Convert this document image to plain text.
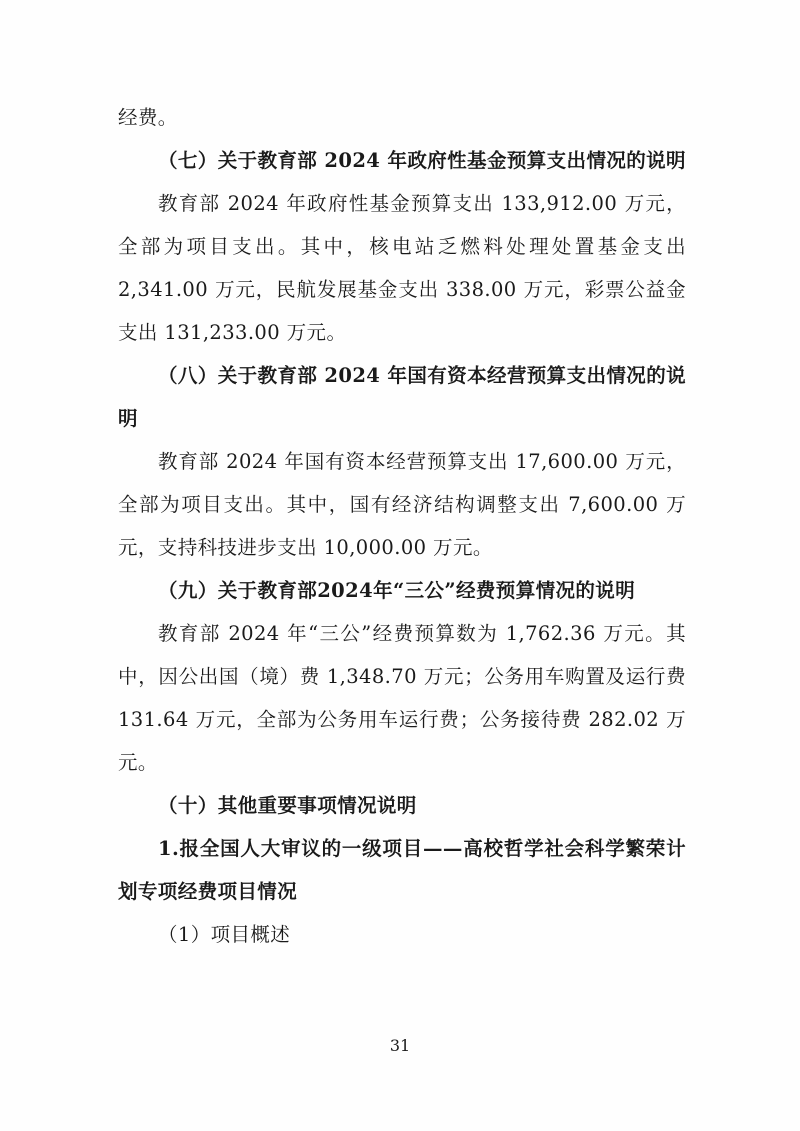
经费。

（七）关于教育部 2024 年政府性基金预算支出情况的说明

教育部 2024 年政府性基金预算支出 133,912.00 万元，全部为项目支出。其中，核电站乏燃料处理处置基金支出 2,341.00 万元，民航发展基金支出 338.00 万元，彩票公益金支出 131,233.00 万元。

（八）关于教育部 2024 年国有资本经营预算支出情况的说明

教育部 2024 年国有资本经营预算支出 17,600.00 万元，全部为项目支出。其中，国有经济结构调整支出 7,600.00 万元，支持科技进步支出 10,000.00 万元。

（九）关于教育部2024年“三公”经费预算情况的说明

教育部 2024 年“三公”经费预算数为 1,762.36 万元。其中，因公出国（境）费 1,348.70 万元；公务用车购置及运行费 131.64 万元，全部为公务用车运行费；公务接待费 282.02 万元。

（十）其他重要事项情况说明

1.报全国人大审议的一级项目——高校哲学社会科学繁荣计划专项经费项目情况

（1）项目概述

31
